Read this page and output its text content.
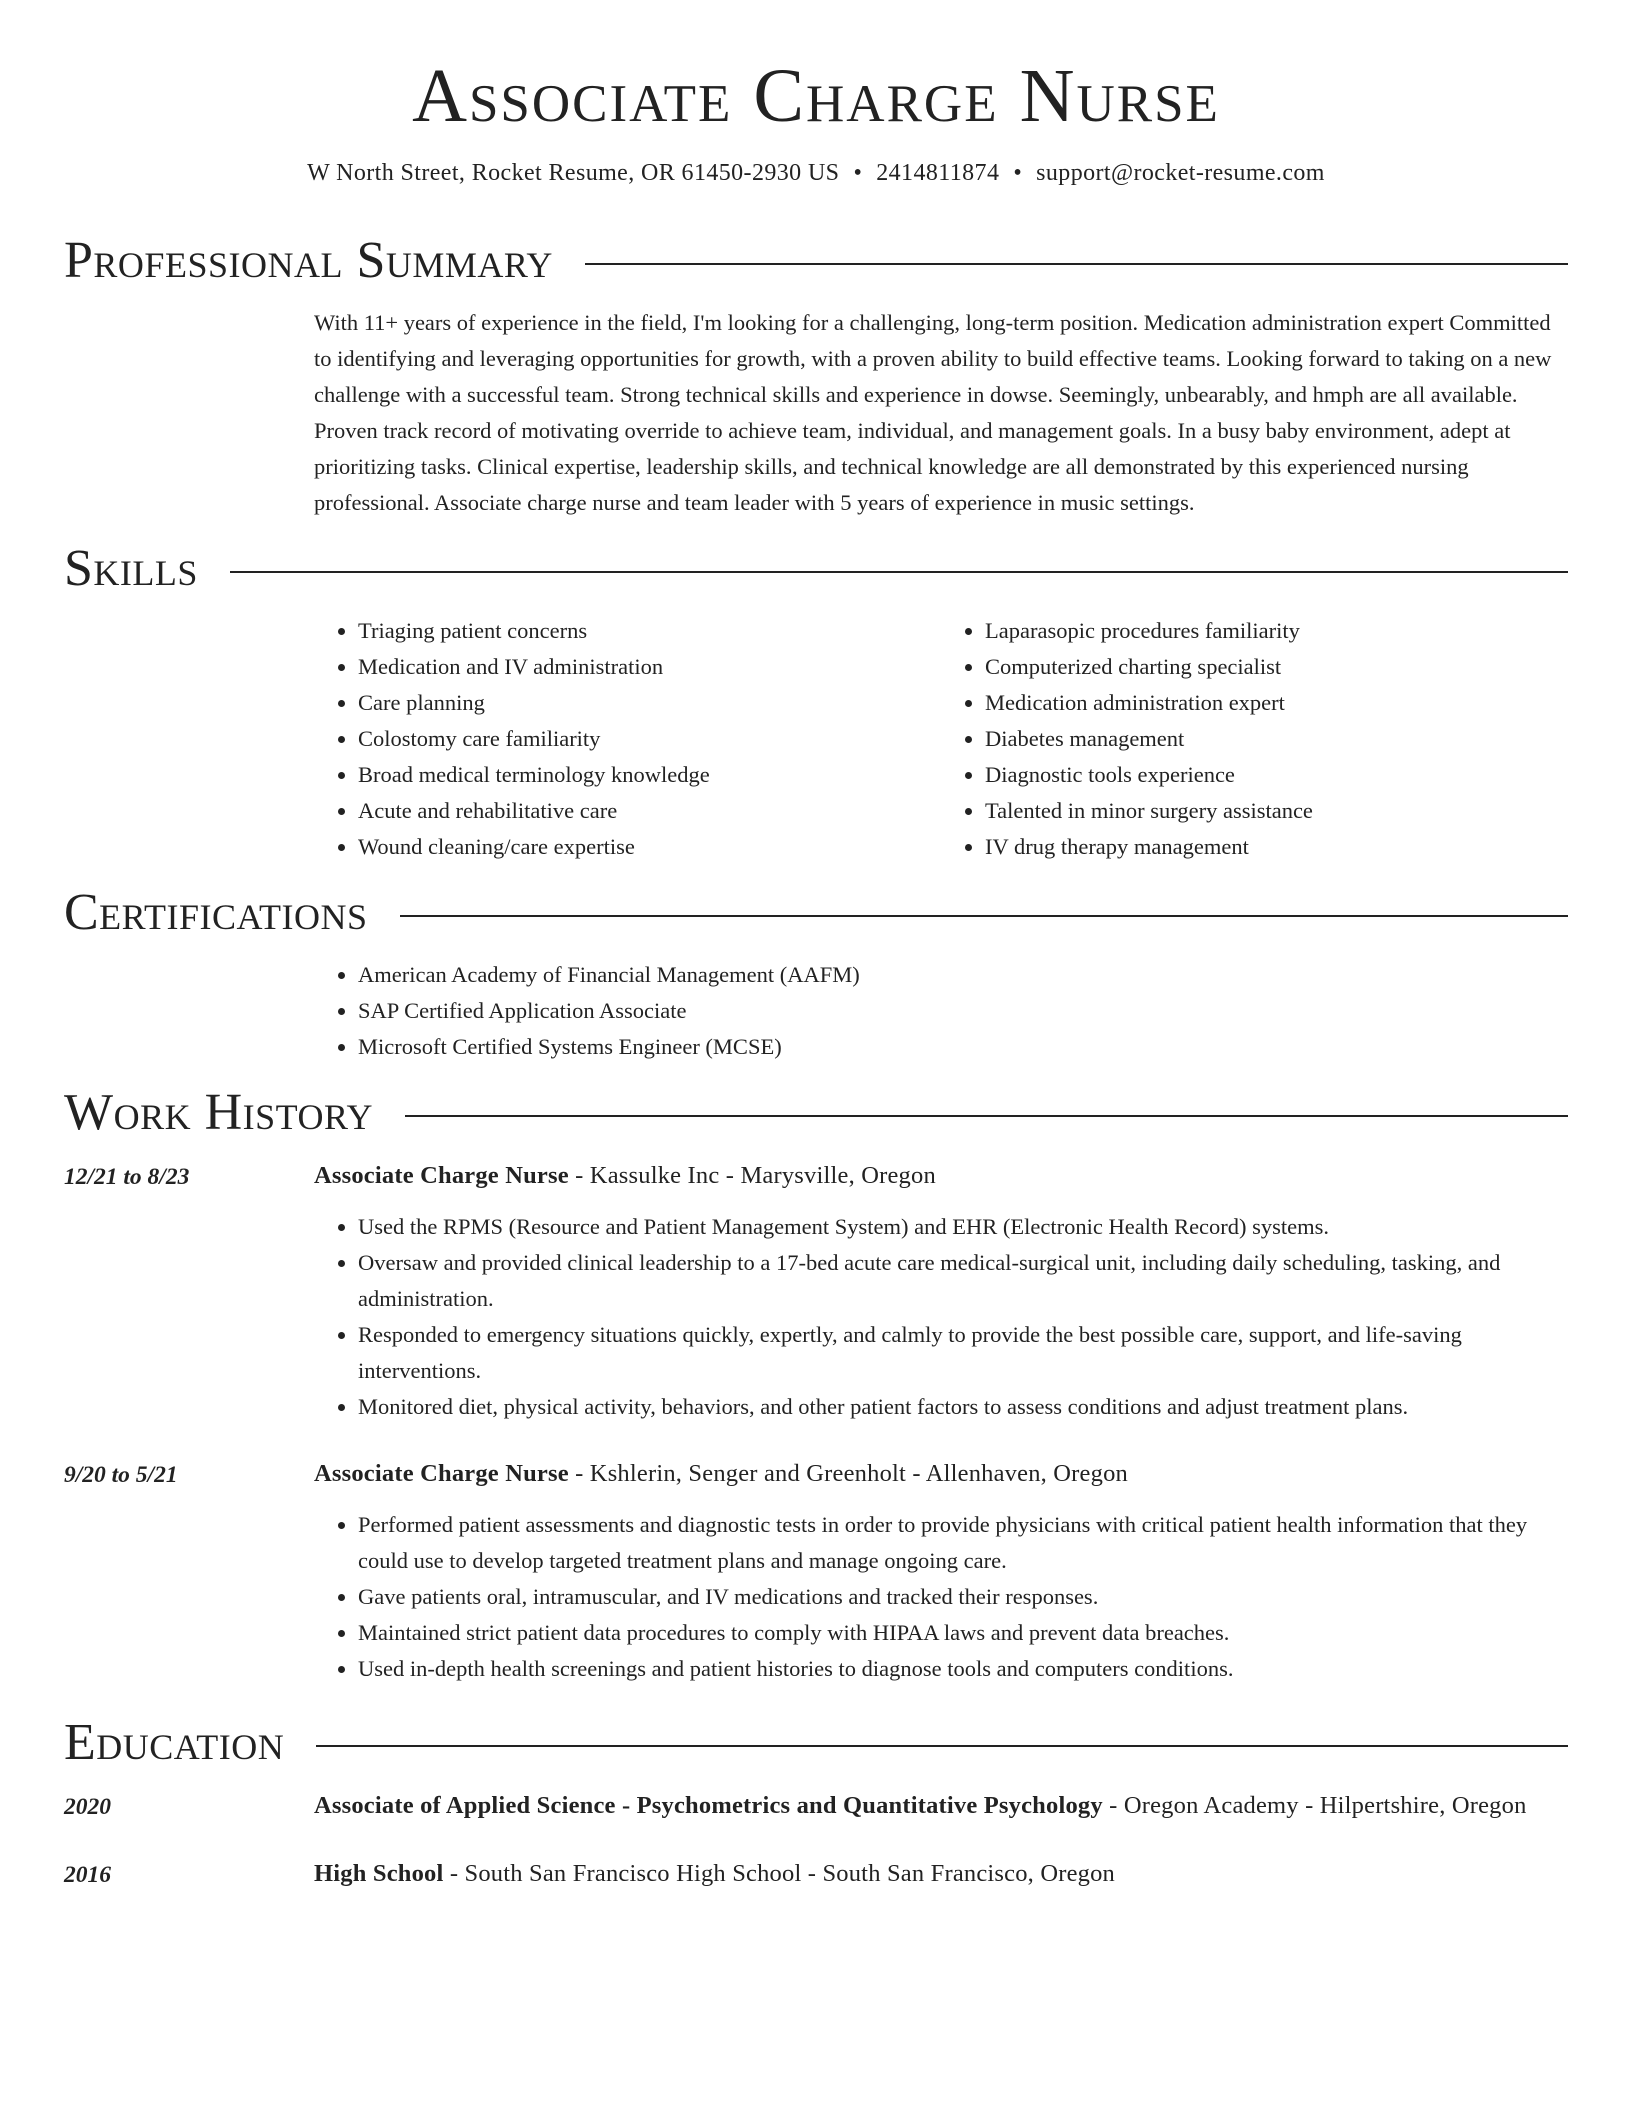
Associate Charge Nurse
W North Street, Rocket Resume, OR 61450-2930 US • 2414811874 • support@rocket-resume.com
Professional Summary

With 11+ years of experience in the field, I'm looking for a challenging, long-term position. Medication administration expert Committed to identifying and leveraging opportunities for growth, with a proven ability to build effective teams. Looking forward to taking on a new challenge with a successful team. Strong technical skills and experience in dowse. Seemingly, unbearably, and hmph are all available. Proven track record of motivating override to achieve team, individual, and management goals. In a busy baby environment, adept at prioritizing tasks. Clinical expertise, leadership skills, and technical knowledge are all demonstrated by this experienced nursing professional. Associate charge nurse and team leader with 5 years of experience in music settings.

Skills
• Triaging patient concerns
• Medication and IV administration
• Care planning
• Colostomy care familiarity
• Broad medical terminology knowledge
• Acute and rehabilitative care
• Wound cleaning/care expertise
• Laparasopic procedures familiarity
• Computerized charting specialist
• Medication administration expert
• Diabetes management
• Diagnostic tools experience
• Talented in minor surgery assistance
• IV drug therapy management
Certifications
• American Academy of Financial Management (AAFM)
• SAP Certified Application Associate
• Microsoft Certified Systems Engineer (MCSE)
Work History
12/21 to 8/23	Associate Charge Nurse - Kassulke Inc - Marysville, Oregon
• Used the RPMS (Resource and Patient Management System) and EHR (Electronic Health Record) systems.
• Oversaw and provided clinical leadership to a 17-bed acute care medical-surgical unit, including daily scheduling, tasking, and administration.
• Responded to emergency situations quickly, expertly, and calmly to provide the best possible care, support, and life-saving interventions.
• Monitored diet, physical activity, behaviors, and other patient factors to assess conditions and adjust treatment plans.
9/20 to 5/21	Associate Charge Nurse - Kshlerin, Senger and Greenholt - Allenhaven, Oregon
• Performed patient assessments and diagnostic tests in order to provide physicians with critical patient health information that they could use to develop targeted treatment plans and manage ongoing care.
• Gave patients oral, intramuscular, and IV medications and tracked their responses.
• Maintained strict patient data procedures to comply with HIPAA laws and prevent data breaches.
• Used in-depth health screenings and patient histories to diagnose tools and computers conditions.
Education
2020	Associate of Applied Science - Psychometrics and Quantitative Psychology - Oregon Academy - Hilpertshire, Oregon
2016	High School - South San Francisco High School - South San Francisco, Oregon
